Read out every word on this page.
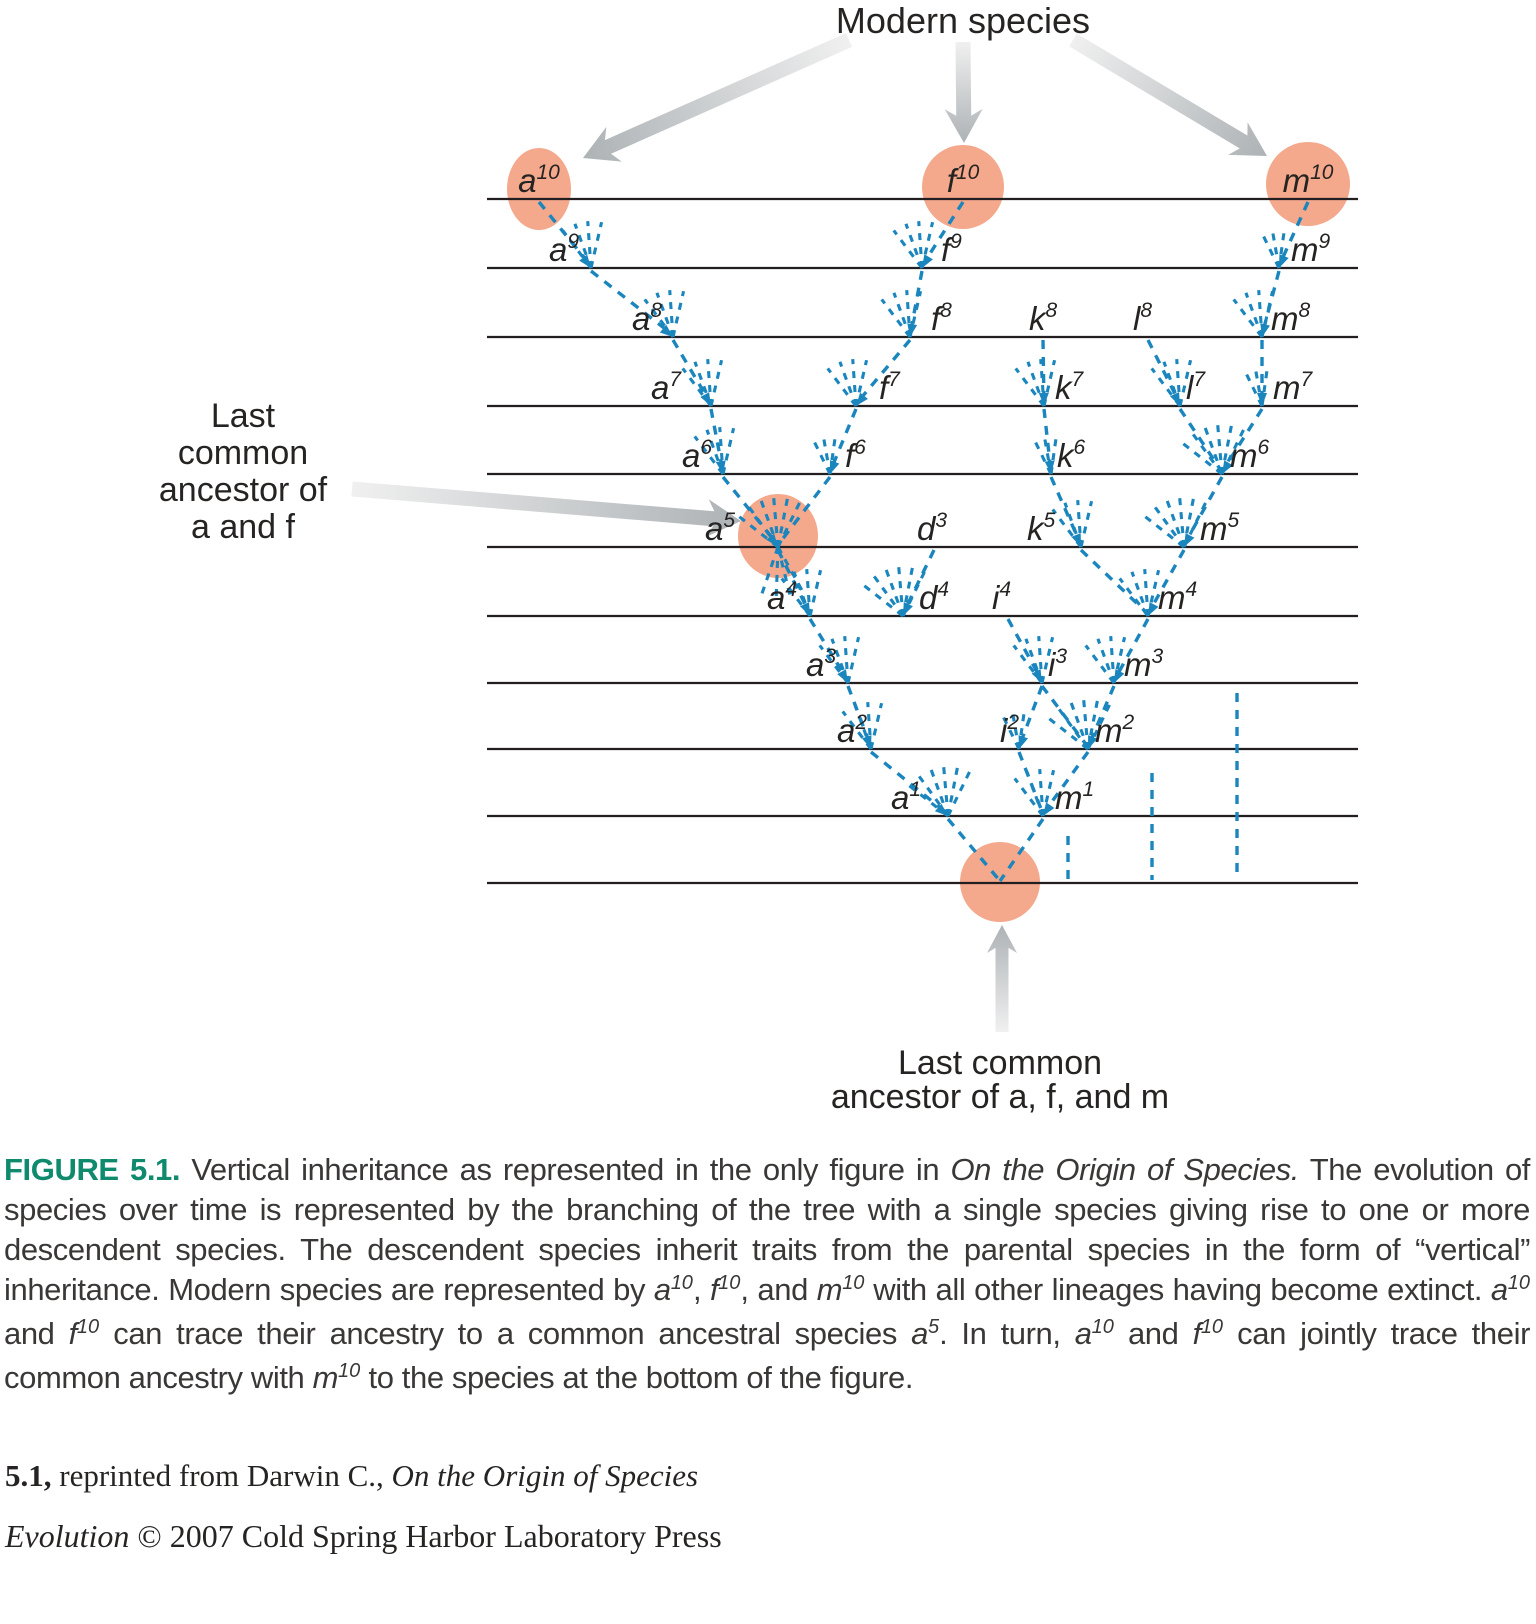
$a^{10}$	$f^{10}$	$m^{10}$
$a^9$	$f^9$	$m^9$
$a^8$	$f^8$ $k^8$ $l^8$	$m^8$
$a^7$	$f^7$	$k^7$	$l^7$ $m^7$
$a^6$	$f^6$	$k^6$	$m^6$
$a^5$	$d^3$ $k^5$	$m^5$
$a^4$	$d^4$ $i^4$	$m^4$
$a^3$	$i^3$ $m^3$
$a^2$	$i^2$ $m^2$
$a^1$	$m^1$
Modern species
Last
common
ancestor of
a and f
Last common
ancestor of a, f, and m
FIGURE 5.1. Vertical inheritance as represented in the only figure in On the Origin of Species. The evolution of species over time is represented by the branching of the tree with a single species giving rise to one or more descendent species. The descendent species inherit traits from the parental species in the form of “vertical” inheritance. Modern species are represented by $a^{10}$, $f^{10}$, and $m^{10}$ with all other lineages having become extinct. $a^{10}$ and $f^{10}$ can trace their ancestry to a common ancestral species $a^5$. In turn, $a^{10}$ and $f^{10}$ can jointly trace their common ancestry with $m^{10}$ to the species at the bottom of the figure.
5.1, reprinted from Darwin C., On the Origin of Species
Evolution © 2007 Cold Spring Harbor Laboratory Press
